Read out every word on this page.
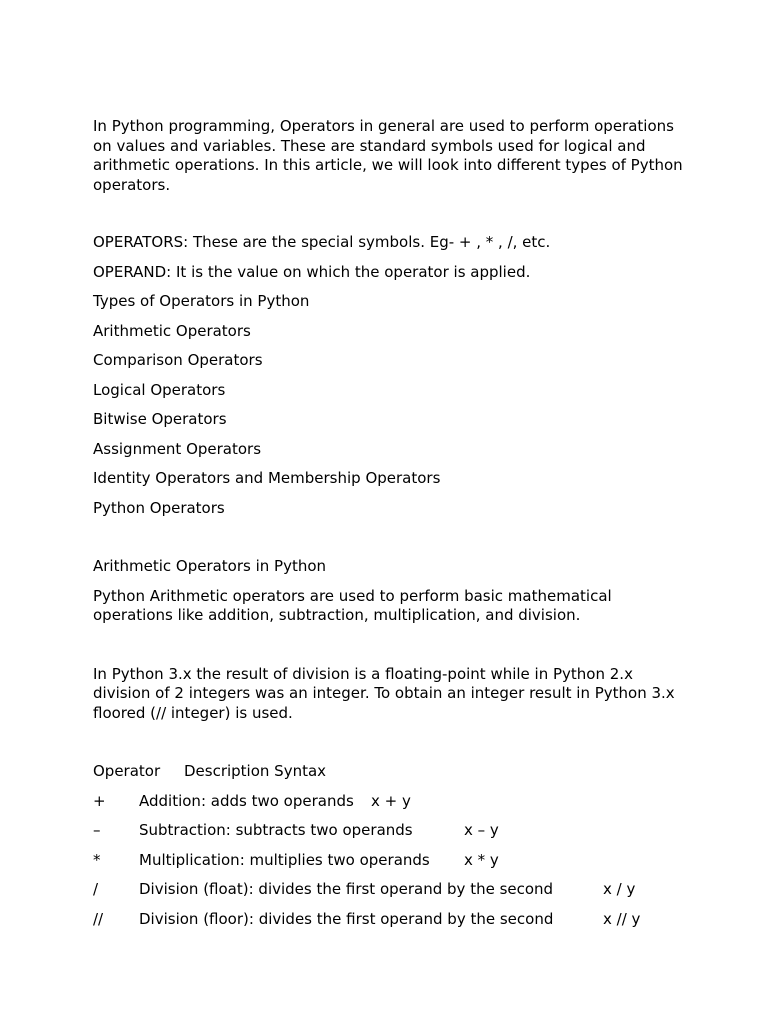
In Python programming, Operators in general are used to perform operations on values and variables. These are standard symbols used for logical and arithmetic operations. In this article, we will look into different types of Python operators.

OPERATORS: These are the special symbols. Eg- + , * , /, etc.

OPERAND: It is the value on which the operator is applied.

Types of Operators in Python

Arithmetic Operators

Comparison Operators

Logical Operators

Bitwise Operators

Assignment Operators

Identity Operators and Membership Operators

Python Operators

Arithmetic Operators in Python

Python Arithmetic operators are used to perform basic mathematical operations like addition, subtraction, multiplication, and division.

In Python 3.x the result of division is a floating-point while in Python 2.x division of 2 integers was an integer. To obtain an integer result in Python 3.x floored (// integer) is used.

Operator     Description Syntax

+ Addition: adds two operands x + y
–	Subtraction: subtracts two operands	x – y
*	Multiplication: multiplies two operands x * y
/	Division (float): divides the first operand by the second	x / y
// Division (floor): divides the first operand by the second	x // y
